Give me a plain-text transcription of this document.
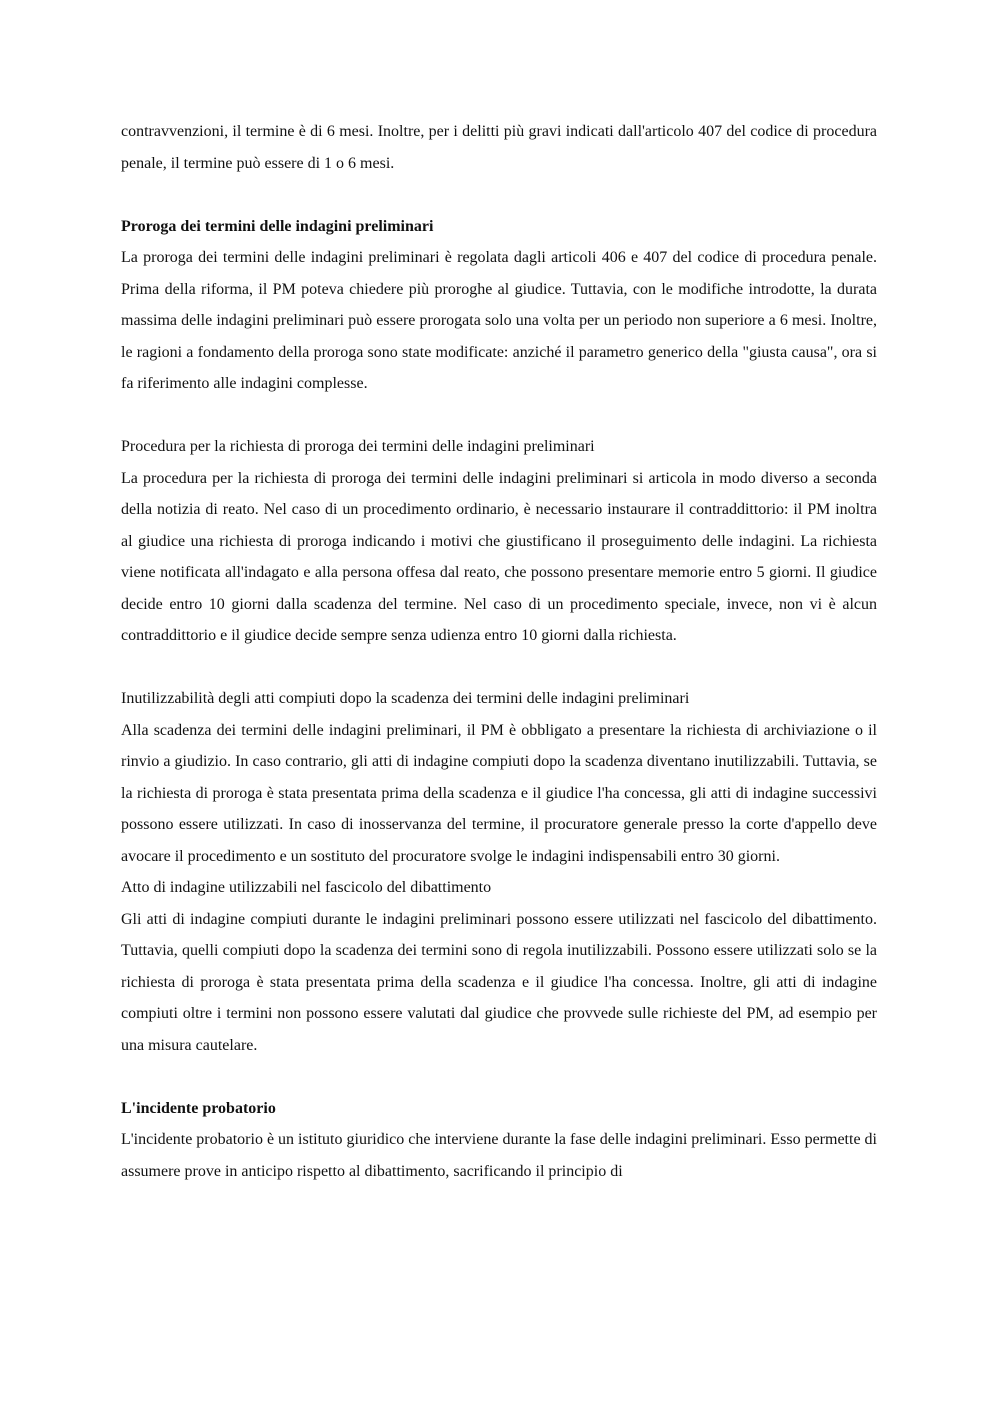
contravvenzioni, il termine è di 6 mesi. Inoltre, per i delitti più gravi indicati dall'articolo 407 del codice di procedura penale, il termine può essere di 1 o 6 mesi.

Proroga dei termini delle indagini preliminari

La proroga dei termini delle indagini preliminari è regolata dagli articoli 406 e 407 del codice di procedura penale. Prima della riforma, il PM poteva chiedere più proroghe al giudice. Tuttavia, con le modifiche introdotte, la durata massima delle indagini preliminari può essere prorogata solo una volta per un periodo non superiore a 6 mesi. Inoltre, le ragioni a fondamento della proroga sono state modificate: anziché il parametro generico della "giusta causa", ora si fa riferimento alle indagini complesse.

Procedura per la richiesta di proroga dei termini delle indagini preliminari

La procedura per la richiesta di proroga dei termini delle indagini preliminari si articola in modo diverso a seconda della notizia di reato. Nel caso di un procedimento ordinario, è necessario instaurare il contraddittorio: il PM inoltra al giudice una richiesta di proroga indicando i motivi che giustificano il proseguimento delle indagini. La richiesta viene notificata all'indagato e alla persona offesa dal reato, che possono presentare memorie entro 5 giorni. Il giudice decide entro 10 giorni dalla scadenza del termine. Nel caso di un procedimento speciale, invece, non vi è alcun contraddittorio e il giudice decide sempre senza udienza entro 10 giorni dalla richiesta.

Inutilizzabilità degli atti compiuti dopo la scadenza dei termini delle indagini preliminari

Alla scadenza dei termini delle indagini preliminari, il PM è obbligato a presentare la richiesta di archiviazione o il rinvio a giudizio. In caso contrario, gli atti di indagine compiuti dopo la scadenza diventano inutilizzabili. Tuttavia, se la richiesta di proroga è stata presentata prima della scadenza e il giudice l'ha concessa, gli atti di indagine successivi possono essere utilizzati. In caso di inosservanza del termine, il procuratore generale presso la corte d'appello deve avocare il procedimento e un sostituto del procuratore svolge le indagini indispensabili entro 30 giorni.

Atto di indagine utilizzabili nel fascicolo del dibattimento

Gli atti di indagine compiuti durante le indagini preliminari possono essere utilizzati nel fascicolo del dibattimento. Tuttavia, quelli compiuti dopo la scadenza dei termini sono di regola inutilizzabili. Possono essere utilizzati solo se la richiesta di proroga è stata presentata prima della scadenza e il giudice l'ha concessa. Inoltre, gli atti di indagine compiuti oltre i termini non possono essere valutati dal giudice che provvede sulle richieste del PM, ad esempio per una misura cautelare.

L'incidente probatorio

L'incidente probatorio è un istituto giuridico che interviene durante la fase delle indagini preliminari. Esso permette di assumere prove in anticipo rispetto al dibattimento, sacrificando il principio di
